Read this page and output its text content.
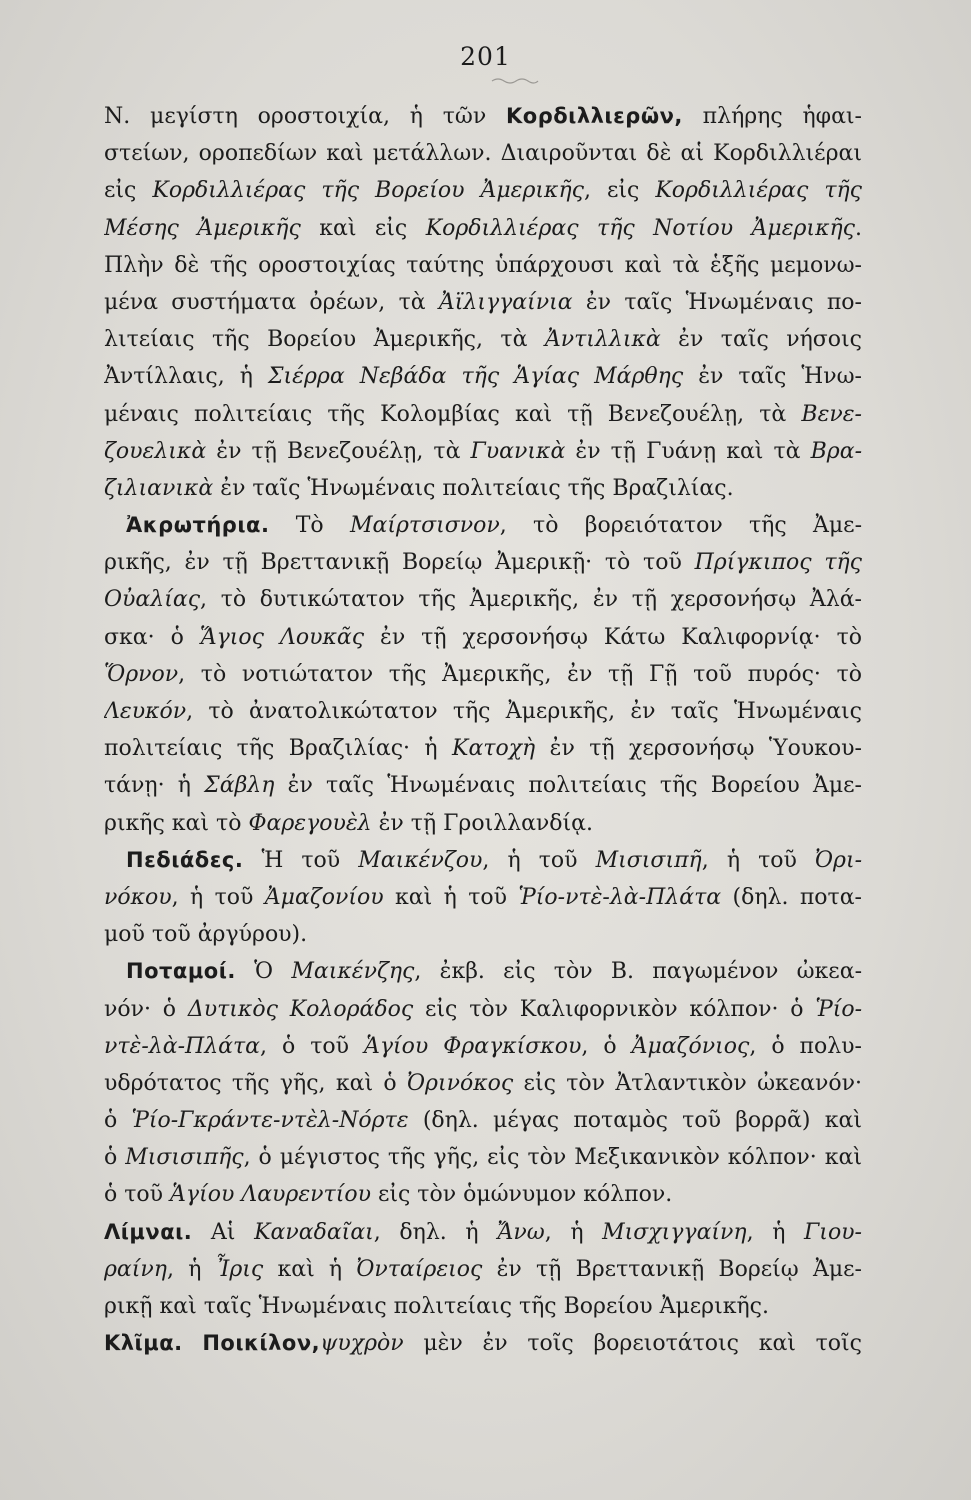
201
Ν. μεγίστη οροστοιχία, ἡ τῶν Κορδιλλιερῶν, πλήρης ἡφαι-
στείων, οροπεδίων καὶ μετάλλων. Διαιροῦνται δὲ αἱ Κορδιλλιέραι
εἰς Κορδιλλιέρας τῆς Βορείου Ἀμερικῆς, εἰς Κορδιλλιέρας τῆς
Μέσης Ἀμερικῆς καὶ εἰς Κορδιλλιέρας τῆς Νοτίου Ἀμερικῆς.
Πλὴν δὲ τῆς οροστοιχίας ταύτης ὑπάρχουσι καὶ τὰ ἑξῆς μεμονω-
μένα συστήματα ὀρέων, τὰ Ἀϊλιγγαίνια ἐν ταῖς Ἡνωμέναις πο-
λιτείαις τῆς Βορείου Ἀμερικῆς, τὰ Ἀντιλλικὰ ἐν ταῖς νήσοις
Ἀντίλλαις, ἡ Σιέρρα Νεβάδα τῆς Ἁγίας Μάρθης ἐν ταῖς Ἡνω-
μέναις πολιτείαις τῆς Κολομβίας καὶ τῇ Βενεζουέλῃ, τὰ Βενε-
ζουελικὰ ἐν τῇ Βενεζουέλῃ, τὰ Γυανικὰ ἐν τῇ Γυάνῃ καὶ τὰ Βρα-
ζιλιανικὰ ἐν ταῖς Ἡνωμέναις πολιτείαις τῆς Βραζιλίας.
Ἀκρωτήρια. Τὸ Μαίρτσισνον, τὸ βορειότατον τῆς Ἀμε-
ρικῆς, ἐν τῇ Βρεττανικῇ Βορείῳ Ἀμερικῇ· τὸ τοῦ Πρίγκιπος τῆς
Οὐαλίας, τὸ δυτικώτατον τῆς Ἀμερικῆς, ἐν τῇ χερσονήσῳ Ἀλά-
σκα· ὁ Ἅγιος Λουκᾶς ἐν τῇ χερσονήσῳ Κάτω Καλιφορνίᾳ· τὸ
Ὅρνον, τὸ νοτιώτατον τῆς Ἀμερικῆς, ἐν τῇ Γῇ τοῦ πυρός· τὸ
Λευκόν, τὸ ἀνατολικώτατον τῆς Ἀμερικῆς, ἐν ταῖς Ἡνωμέναις
πολιτείαις τῆς Βραζιλίας· ἡ Κατοχὴ ἐν τῇ χερσονήσῳ Ὑουκου-
τάνῃ· ἡ Σάβλη ἐν ταῖς Ἡνωμέναις πολιτείαις τῆς Βορείου Ἀμε-
ρικῆς καὶ τὸ Φαρεγουὲλ ἐν τῇ Γροιλλανδίᾳ.
Πεδιάδες. Ἡ τοῦ Μαικένζου, ἡ τοῦ Μισισιπῆ, ἡ τοῦ Ὀρι-
νόκου, ἡ τοῦ Ἀμαζονίου καὶ ἡ τοῦ Ῥίο-ντὲ-λὰ-Πλάτα (δηλ. ποτα-
μοῦ τοῦ ἀργύρου).
Ποταμοί. Ὁ Μαικένζης, ἐκβ. εἰς τὸν Β. παγωμένον ὠκεα-
νόν· ὁ Δυτικὸς Κολοράδος εἰς τὸν Καλιφορνικὸν κόλπον· ὁ Ῥίο-
ντὲ-λὰ-Πλάτα, ὁ τοῦ Ἁγίου Φραγκίσκου, ὁ Ἀμαζόνιος, ὁ πολυ-
υδρότατος τῆς γῆς, καὶ ὁ Ὀρινόκος εἰς τὸν Ἀτλαντικὸν ὠκεανόν·
ὁ Ῥίο-Γκράντε-ντὲλ-Νόρτε (δηλ. μέγας ποταμὸς τοῦ βορρᾶ) καὶ
ὁ Μισισιπῆς, ὁ μέγιστος τῆς γῆς, εἰς τὸν Μεξικανικὸν κόλπον· καὶ
ὁ τοῦ Ἁγίου Λαυρεντίου εἰς τὸν ὁμώνυμον κόλπον.
Λίμναι. Αἱ Καναδαῖαι, δηλ. ἡ Ἄνω, ἡ Μισχιγγαίνη, ἡ Γιου-
ραίνη, ἡ Ἶρις καὶ ἡ Ὀνταίρειος ἐν τῇ Βρεττανικῇ Βορείῳ Ἀμε-
ρικῇ καὶ ταῖς Ἡνωμέναις πολιτείαις τῆς Βορείου Ἀμερικῆς.
Κλῖμα. Ποικίλον,ψυχρὸν μὲν ἐν τοῖς βορειοτάτοις καὶ τοῖς
